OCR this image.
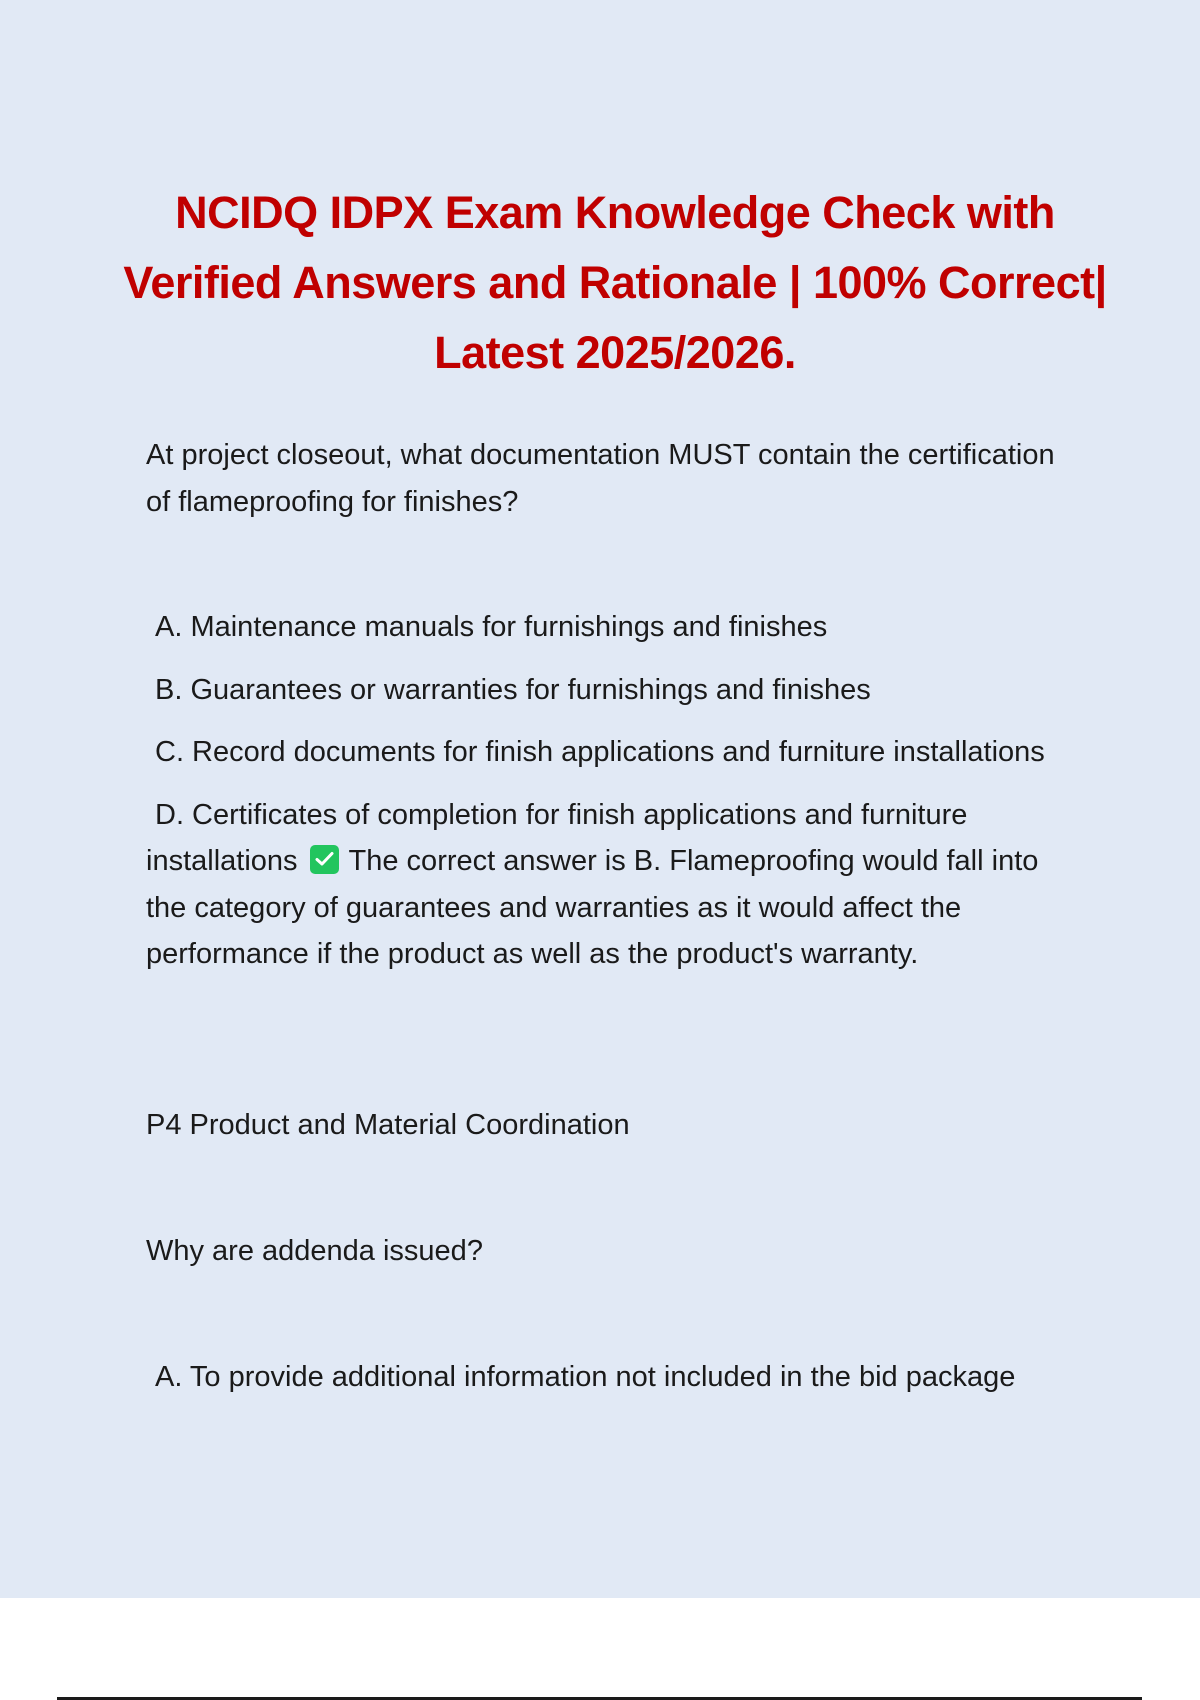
NCIDQ IDPX Exam Knowledge Check with Verified Answers and Rationale | 100% Correct| Latest 2025/2026.
At project closeout, what documentation MUST contain the certification of flameproofing for finishes?
A. Maintenance manuals for furnishings and finishes
B. Guarantees or warranties for furnishings and finishes
C. Record documents for finish applications and furniture installations
D. Certificates of completion for finish applications and furniture installations The correct answer is B. Flameproofing would fall into the category of guarantees and warranties as it would affect the performance if the product as well as the product's warranty.
P4 Product and Material Coordination
Why are addenda issued?
A. To provide additional information not included in the bid package
